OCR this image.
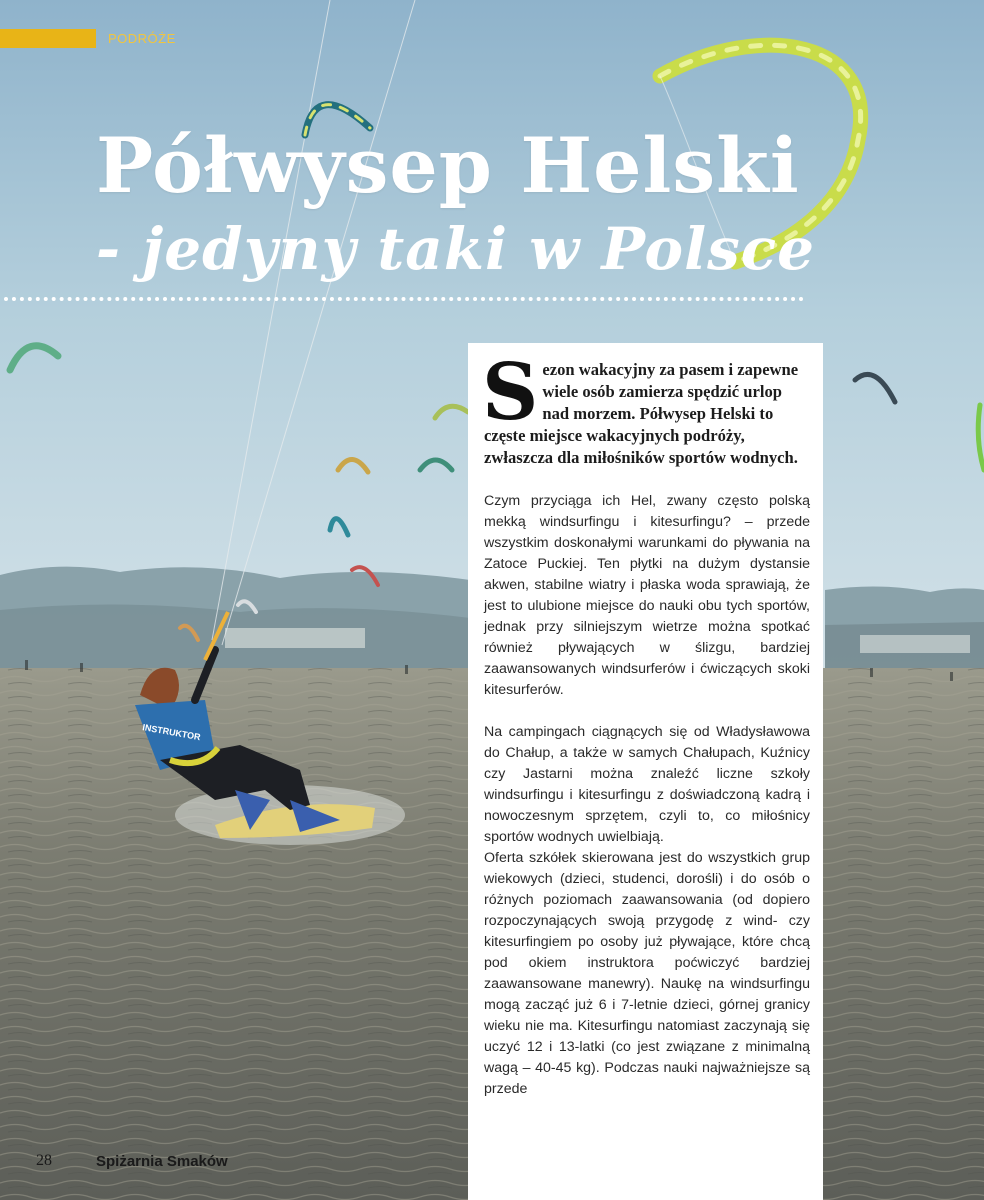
INSTRUKTOR
PODRÓŻE
Półwysep Helski
- jedyny taki w Polsce

Sezon wakacyjny za pasem i zapewne wiele osób zamierza spędzić urlop nad morzem. Półwysep Helski to częste miejsce wakacyjnych podróży, zwłaszcza dla miłośników sportów wodnych.

Czym przyciąga ich Hel, zwany często polską mekką windsurfingu i kitesurfingu? – przede wszystkim doskonałymi warunkami do pływania na Zatoce Puckiej. Ten płytki na dużym dystansie akwen, stabilne wiatry i płaska woda sprawiają, że jest to ulubione miejsce do nauki obu tych sportów, jednak przy silniejszym wietrze można spotkać również pływających w ślizgu, bardziej zaawansowanych windsurferów i ćwiczących skoki kitesurferów.

Na campingach ciągnących się od Władysławowa do Chałup, a także w samych Chałupach, Kuźnicy czy Jastarni można znaleźć liczne szkoły windsurfingu i kitesurfingu z doświadczoną kadrą i nowoczesnym sprzętem, czyli to, co miłośnicy sportów wodnych uwielbiają.

Oferta szkółek skierowana jest do wszystkich grup wiekowych (dzieci, studenci, dorośli) i do osób o różnych poziomach zaawansowania (od dopiero rozpoczynających swoją przygodę z wind- czy kitesurfingiem po osoby już pływające, które chcą pod okiem instruktora poćwiczyć bardziej zaawansowane manewry). Naukę na windsurfingu mogą zacząć już 6 i 7-letnie dzieci, górnej granicy wieku nie ma. Kitesurfingu natomiast zaczynają się uczyć 12 i 13-latki (co jest związane z minimalną wagą – 40-45 kg). Podczas nauki najważniejsze są przede

28	Spiżarnia Smaków
